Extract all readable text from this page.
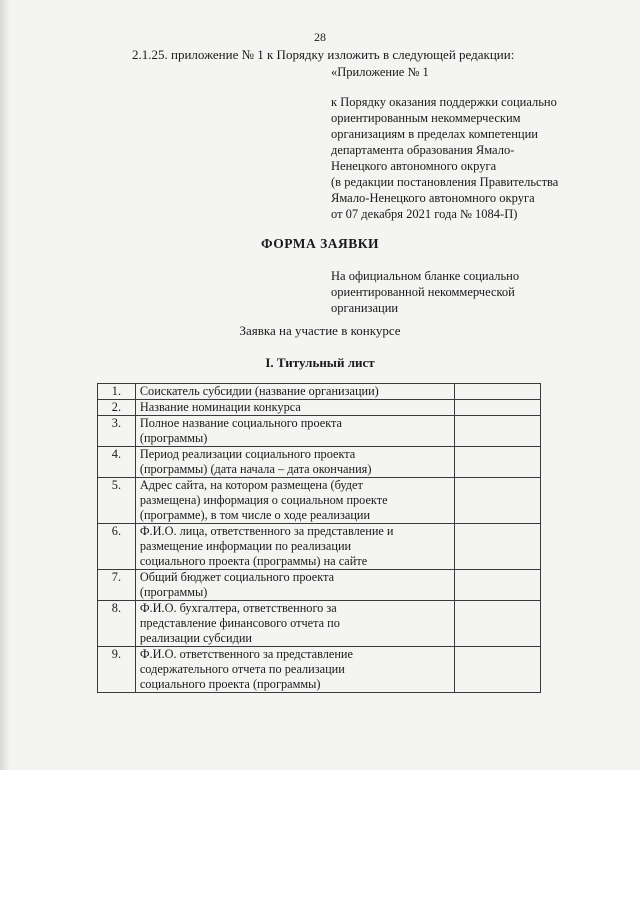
28
2.1.25. приложение № 1 к Порядку изложить в следующей редакции:
«Приложение № 1
к Порядку оказания поддержки социально
ориентированным некоммерческим
организациям в пределах компетенции
департамента образования Ямало-
Ненецкого автономного округа
(в редакции постановления Правительства
Ямало-Ненецкого автономного округа
от 07 декабря 2021 года № 1084-П)
ФОРМА ЗАЯВКИ
На официальном бланке социально
ориентированной некоммерческой
организации
Заявка на участие в конкурсе
I. Титульный лист
1.	Соискатель субсидии (название организации)	

2.	Название номинации конкурса	

3.	Полное название социального проекта
(программы)	

4.	Период реализации социального проекта
(программы) (дата начала – дата окончания)	

5.	Адрес сайта, на котором размещена (будет
размещена) информация о социальном проекте
(программе), в том числе о ходе реализации	

6.	Ф.И.О. лица, ответственного за представление и
размещение информации по реализации
социального проекта (программы) на сайте	

7.	Общий бюджет социального проекта
(программы)	

8.	Ф.И.О. бухгалтера, ответственного за
представление финансового отчета по
реализации субсидии	

9.	Ф.И.О. ответственного за представление
содержательного отчета по реализации
социального проекта (программы)	
